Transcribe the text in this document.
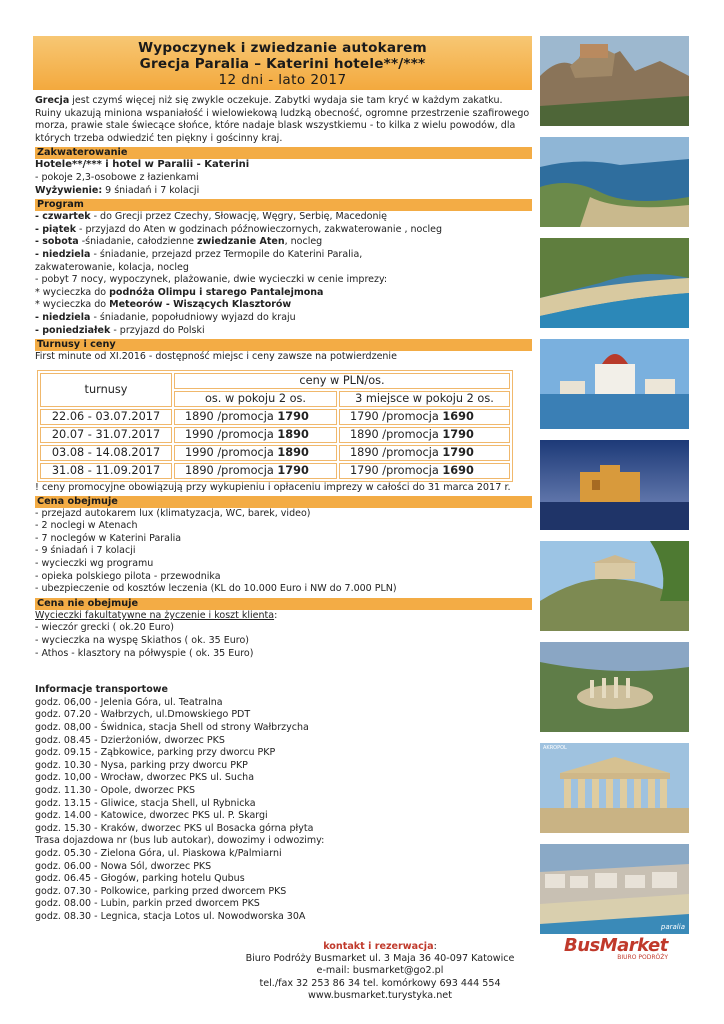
Wypoczynek i zwiedzanie autokarem
Grecja Paralia – Katerini hotele**/***
12 dni - lato 2017

Grecja jest czymś więcej niż się zwykle oczekuje. Zabytki wydaja sie tam kryć w każdym zakatku. Ruiny ukazują miniona wspaniałość i wielowiekową ludzką obecność, ogromne przestrzenie szafirowego morza, prawie stale świecące słońce, które nadaje blask wszystkiemu - to kilka z wielu powodów, dla których trzeba odwiedzić ten piękny i gościnny kraj.

Zakwaterowanie

Hotele**/*** i hotel w Paralii - Katerini

- pokoje 2,3-osobowe z łazienkami

Wyżywienie: 9 śniadań i 7 kolacji

Program

- czwartek - do Grecji przez Czechy, Słowację, Węgry, Serbię, Macedonię

- piątek - przyjazd do Aten w godzinach późnowieczornych, zakwaterowanie , nocleg

- sobota -śniadanie, całodzienne zwiedzanie Aten, nocleg

- niedziela - śniadanie, przejazd przez Termopile do Katerini Paralia,

zakwaterowanie, kolacja, nocleg

- pobyt 7 nocy, wypoczynek, plażowanie, dwie wycieczki w cenie imprezy:

* wycieczka do podnóża Olimpu i starego Pantalejmona

* wycieczka do Meteorów - Wiszących Klasztorów

- niedziela - śniadanie, popołudniowy wyjazd do kraju

- poniedziałek - przyjazd do Polski

Turnusy i ceny

First minute od XI.2016 - dostępność miejsc i ceny zawsze na potwierdzenie

turnusy	ceny w PLN/os.	
	os. w pokoju 2 os.	3 miejsce w pokoju 2 os.
22.06 - 03.07.2017	1890 /promocja 1790	1790 /promocja 1690
20.07 - 31.07.2017	1990 /promocja 1890	1890 /promocja 1790
03.08 - 14.08.2017	1990 /promocja 1890	1890 /promocja 1790
31.08 - 11.09.2017	1890 /promocja 1790	1790 /promocja 1690

! ceny promocyjne obowiązują przy wykupieniu i opłaceniu imprezy w całości do 31 marca 2017 r.

Cena obejmuje

- przejazd autokarem lux (klimatyzacja, WC, barek, video)

- 2 noclegi w Atenach

- 7 noclegów w Katerini Paralia

- 9 śniadań i 7 kolacji

- wycieczki wg programu

- opieka polskiego pilota - przewodnika

- ubezpieczenie od kosztów leczenia (KL do 10.000 Euro i NW do 7.000 PLN)

Cena nie obejmuje

Wycieczki fakultatywne na życzenie i koszt klienta:

- wieczór grecki ( ok.20 Euro)

- wycieczka na wyspę Skiathos ( ok. 35 Euro)

- Athos - klasztory na półwyspie ( ok. 35 Euro)

Informacje transportowe

godz. 06,00 - Jelenia Góra, ul. Teatralna

godz. 07.20 - Wałbrzych, ul.Dmowskiego PDT

godz. 08,00 - Świdnica, stacja Shell od strony Wałbrzycha

godz. 08.45 - Dzierżoniów, dworzec PKS

godz. 09.15 - Ząbkowice, parking przy dworcu PKP

godz. 10.30 - Nysa, parking przy dworcu PKP

godz. 10,00 - Wrocław, dworzec PKS ul. Sucha

godz. 11.30 - Opole, dworzec PKS

godz. 13.15 - Gliwice, stacja Shell, ul Rybnicka

godz. 14.00 - Katowice, dworzec PKS ul. P. Skargi

godz. 15.30 - Kraków, dworzec PKS ul Bosacka górna płyta

Trasa dojazdowa nr (bus lub autokar), dowozimy i odwozimy:

godz. 05.30 - Zielona Góra, ul. Piaskowa k/Palmiarni

godz. 06.00 - Nowa Sól, dworzec PKS

godz. 06.45 - Głogów, parking hotelu Qubus

godz. 07.30 - Polkowice, parking przed dworcem PKS

godz. 08.00 - Lubin, parkin przed dworcem PKS

godz. 08.30 - Legnica, stacja Lotos ul. Nowodworska 30A

AKROPOL
paralia

kontakt i rezerwacja:

Biuro Podróży Busmarket ul. 3 Maja 36 40-097 Katowice

e-mail: busmarket@go2.pl

tel./fax 32 253 86 34 tel. komórkowy 693 444 554

www.busmarket.turystyka.net

BusMarket
BIURO PODRÓŻY
